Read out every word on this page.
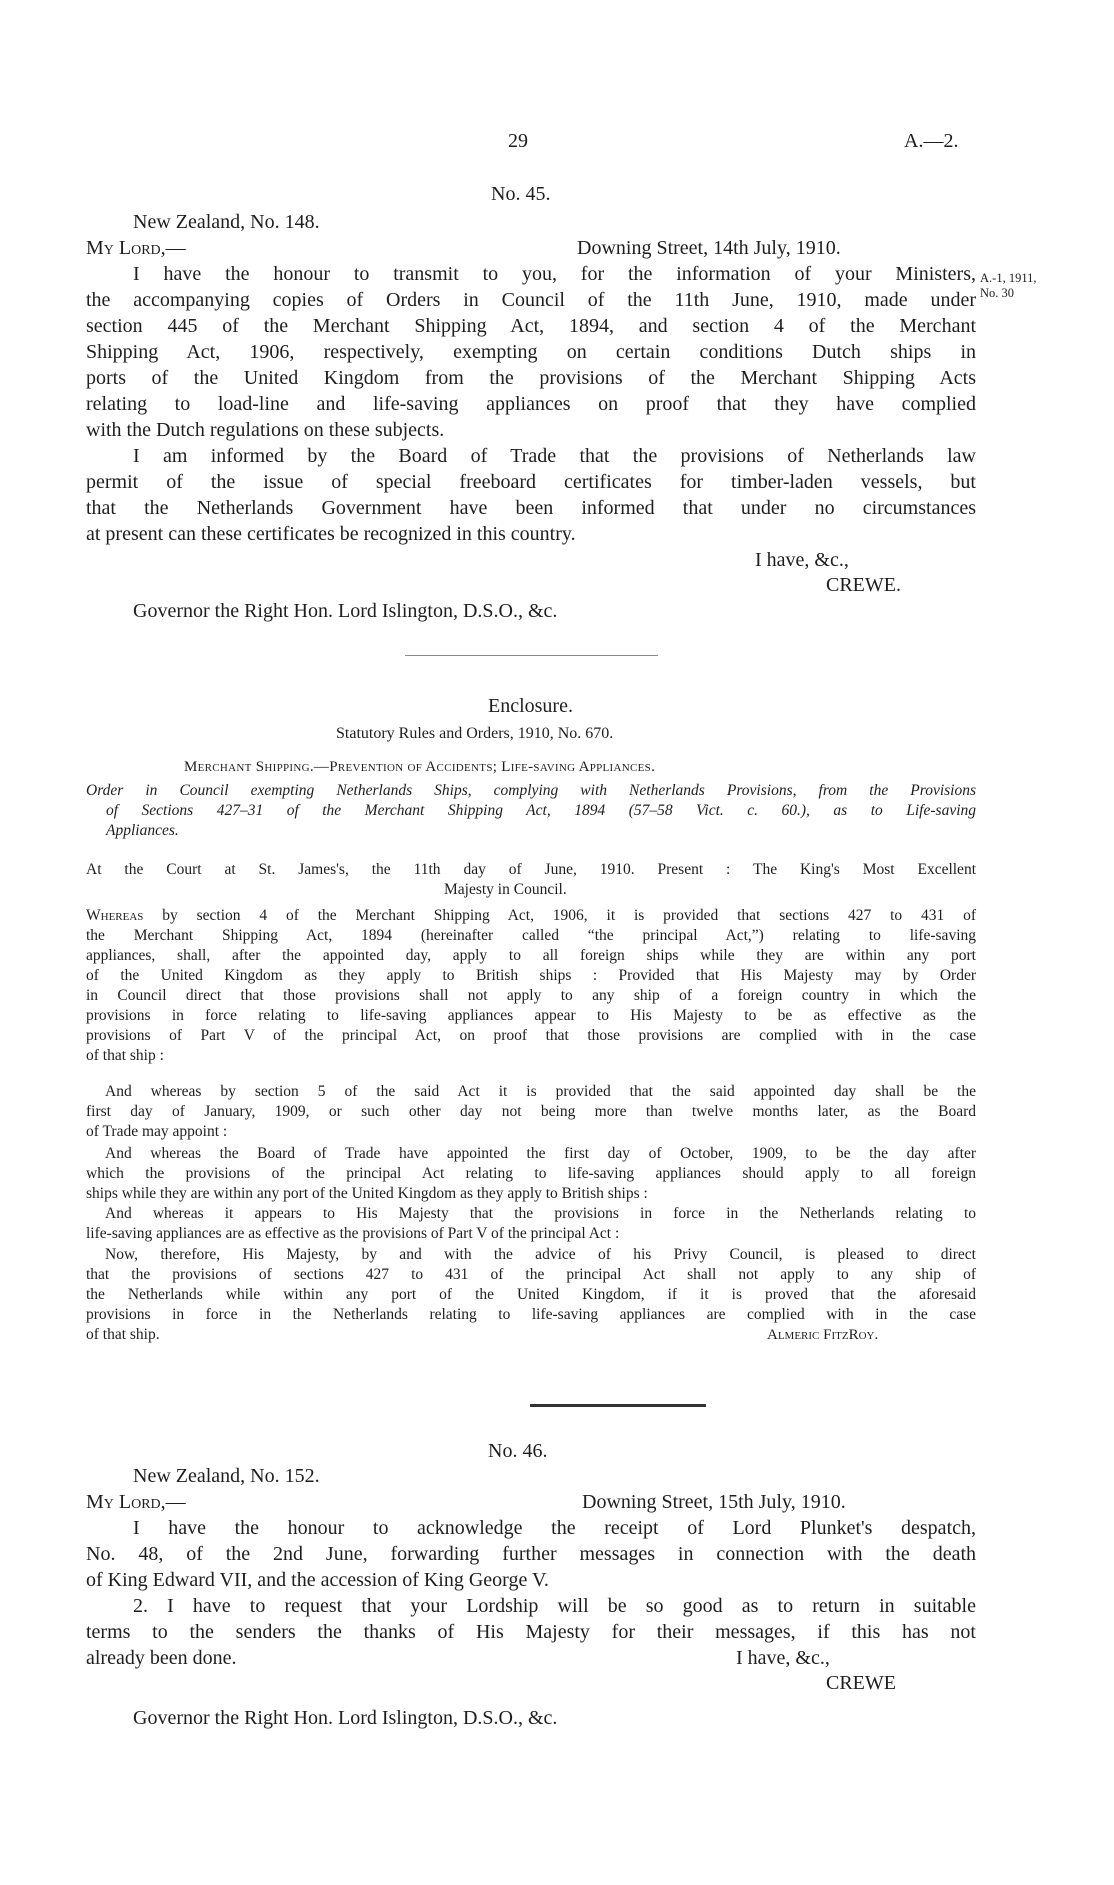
29	A.—2.
A.-1, 1911,
No. 30
No. 45.
New Zealand, No. 148.
My Lord,—	Downing Street, 14th July, 1910.
I have the honour to transmit to you, for the information of your Ministers,
the accompanying copies of Orders in Council of the 11th June, 1910, made under
section 445 of the Merchant Shipping Act, 1894, and section 4 of the Merchant
Shipping Act, 1906, respectively, exempting on certain conditions Dutch ships in
ports of the United Kingdom from the provisions of the Merchant Shipping Acts
relating to load-line and life-saving appliances on proof that they have complied
with the Dutch regulations on these subjects.
I am informed by the Board of Trade that the provisions of Netherlands law
permit of the issue of special freeboard certificates for timber-laden vessels, but
that the Netherlands Government have been informed that under no circumstances
at present can these certificates be recognized in this country.
I have, &c.,
CREWE.
Governor the Right Hon. Lord Islington, D.S.O., &c.
Enclosure.
Statutory Rules and Orders, 1910, No. 670.
Merchant Shipping.—Prevention of Accidents; Life-saving Appliances.
Order in Council exempting Netherlands Ships, complying with Netherlands Provisions, from the Provisions
of Sections 427–31 of the Merchant Shipping Act, 1894 (57–58 Vict. c. 60.), as to Life-saving
Appliances.
At the Court at St. James's, the 11th day of June, 1910. Present : The King's Most Excellent
Majesty in Council.
Whereas by section 4 of the Merchant Shipping Act, 1906, it is provided that sections 427 to 431 of
the Merchant Shipping Act, 1894 (hereinafter called “the principal Act,”) relating to life-saving
appliances, shall, after the appointed day, apply to all foreign ships while they are within any port
of the United Kingdom as they apply to British ships : Provided that His Majesty may by Order
in Council direct that those provisions shall not apply to any ship of a foreign country in which the
provisions in force relating to life-saving appliances appear to His Majesty to be as effective as the
provisions of Part V of the principal Act, on proof that those provisions are complied with in the case
of that ship :
And whereas by section 5 of the said Act it is provided that the said appointed day shall be the
first day of January, 1909, or such other day not being more than twelve months later, as the Board
of Trade may appoint :
And whereas the Board of Trade have appointed the first day of October, 1909, to be the day after
which the provisions of the principal Act relating to life-saving appliances should apply to all foreign
ships while they are within any port of the United Kingdom as they apply to British ships :
And whereas it appears to His Majesty that the provisions in force in the Netherlands relating to
life-saving appliances are as effective as the provisions of Part V of the principal Act :
Now, therefore, His Majesty, by and with the advice of his Privy Council, is pleased to direct
that the provisions of sections 427 to 431 of the principal Act shall not apply to any ship of
the Netherlands while within any port of the United Kingdom, if it is proved that the aforesaid
provisions in force in the Netherlands relating to life-saving appliances are complied with in the case
of that ship.	Almeric FitzRoy.
No. 46.
New Zealand, No. 152.
My Lord,—	Downing Street, 15th July, 1910.
I have the honour to acknowledge the receipt of Lord Plunket's despatch,
No. 48, of the 2nd June, forwarding further messages in connection with the death
of King Edward VII, and the accession of King George V.
2. I have to request that your Lordship will be so good as to return in suitable
terms to the senders the thanks of His Majesty for their messages, if this has not
already been done.	I have, &c.,
CREWE
Governor the Right Hon. Lord Islington, D.S.O., &c.
